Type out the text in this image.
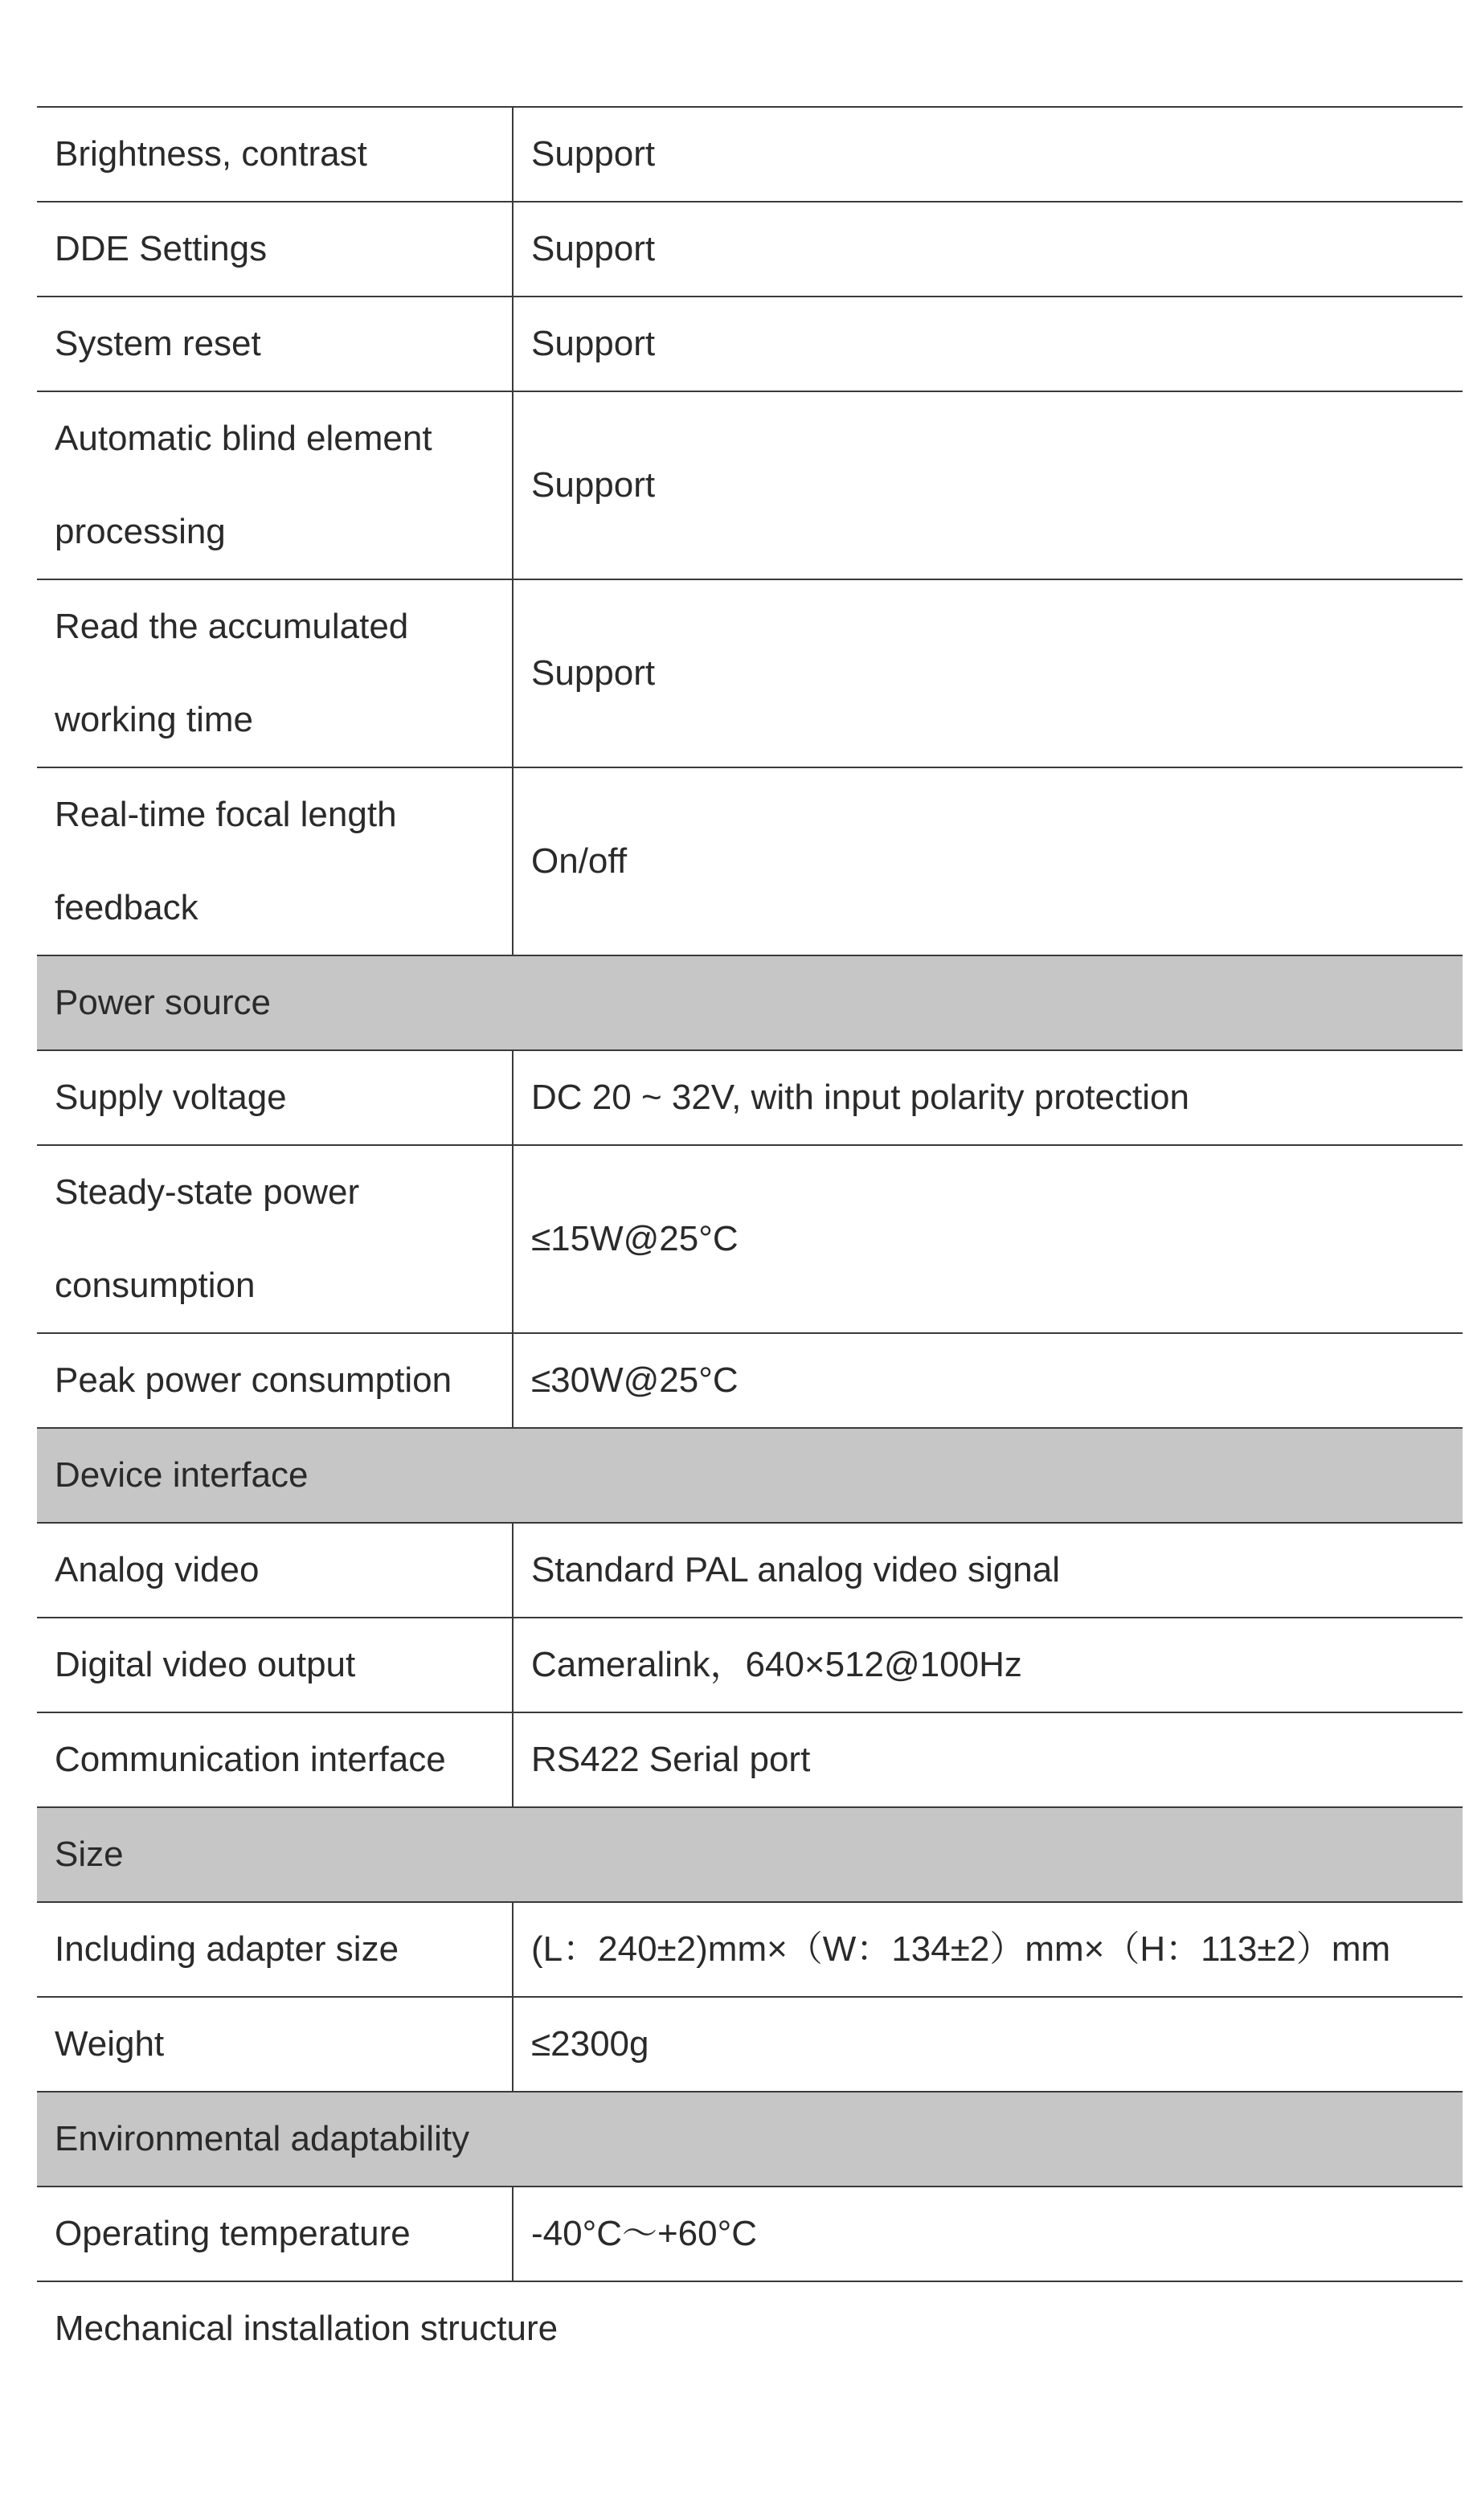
Brightness, contrast	Support
DDE Settings	Support
System reset	Support
Automatic blind element processing	Support
Read the accumulated working time	Support
Real-time focal length feedback	On/off
Power source	
Supply voltage	DC 20 ~ 32V, with input polarity protection
Steady-state power consumption	≤15W@25°C
Peak power consumption	≤30W@25°C
Device interface	
Analog video	Standard PAL analog video signal
Digital video output	Cameralink，640×512@100Hz
Communication interface	RS422 Serial port
Size	
Including adapter size	(L：240±2)mm×（W：134±2）mm×（H：113±2）mm
Weight	≤2300g
Environmental adaptability	
Operating temperature	-40°C～+60°C
Mechanical installation structure	
